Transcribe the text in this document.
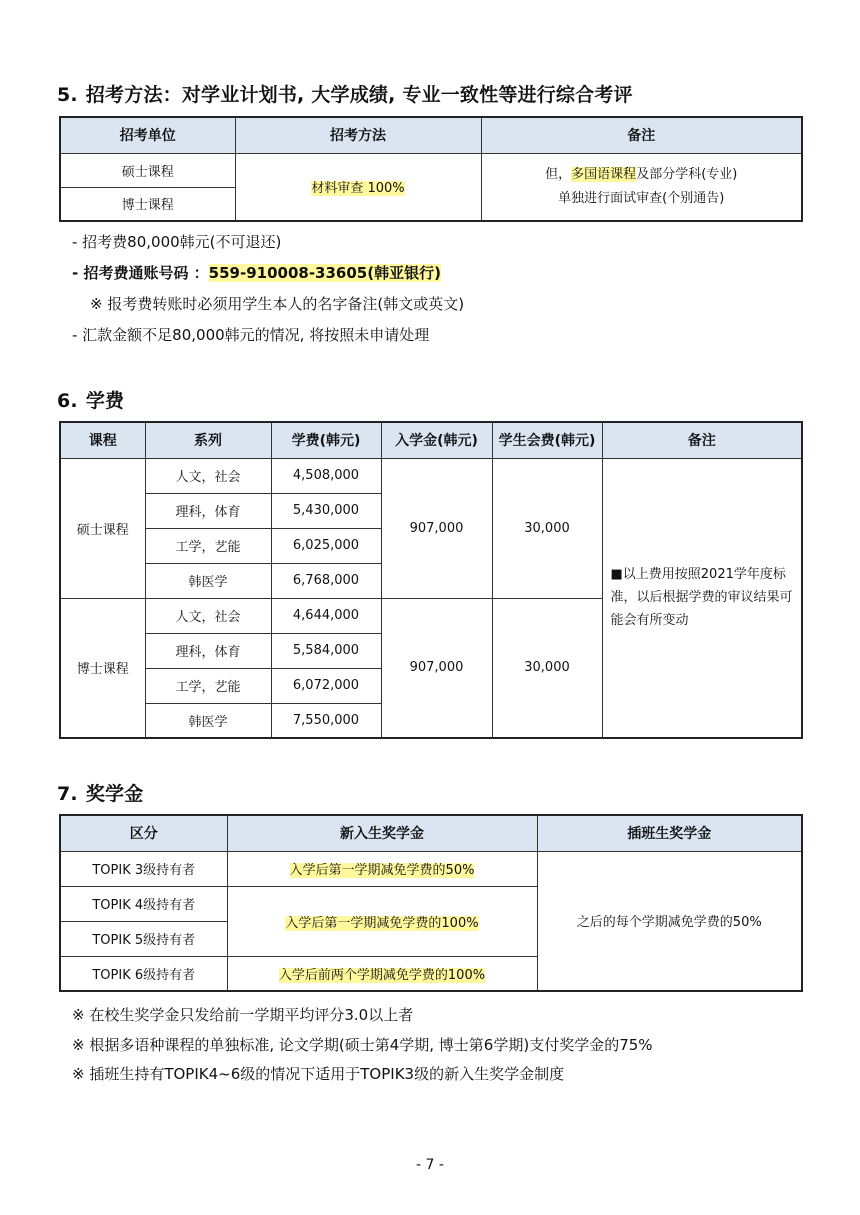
5. 招考方法：对学业计划书, 大学成绩, 专业一致性等进行综合考评
招考单位	招考方法	备注
硕士课程	材料审查 100%	但，多国语课程及部分学科(专业)
单独进行面试审查(个别通告)
博士课程		
- 招考费80,000韩元(不可退还)
- 招考费通账号码 ：559-910008-33605(韩亚银行)
※ 报考费转账时必须用学生本人的名字备注(韩文或英文)
- 汇款金额不足80,000韩元的情况, 将按照未申请处理
6. 学费
课程	系列	学费(韩元)	入学金(韩元)	学生会费(韩元)	备注
硕士课程	人文，社会	4,508,000	907,000	30,000	■以上费用按照2021学年度标准，以后根据学费的审议结果可能会有所变动
	理科，体育	5,430,000			
	工学，艺能	6,025,000			
	韩医学	6,768,000			
博士课程	人文，社会	4,644,000	907,000	30,000	
	理科，体育	5,584,000			
	工学，艺能	6,072,000			
	韩医学	7,550,000			
7. 奖学金
区分	新入生奖学金	插班生奖学金
TOPIK 3级持有者	入学后第一学期减免学费的50%	之后的每个学期减免学费的50%
TOPIK 4级持有者	入学后第一学期减免学费的100%	
TOPIK 5级持有者		
TOPIK 6级持有者	入学后前两个学期减免学费的100%	
※ 在校生奖学金只发给前一学期平均评分3.0以上者
※ 根据多语种课程的单独标准, 论文学期(硕士第4学期, 博士第6学期)支付奖学金的75%
※ 插班生持有TOPIK4~6级的情况下适用于TOPIK3级的新入生奖学金制度
- 7 -
